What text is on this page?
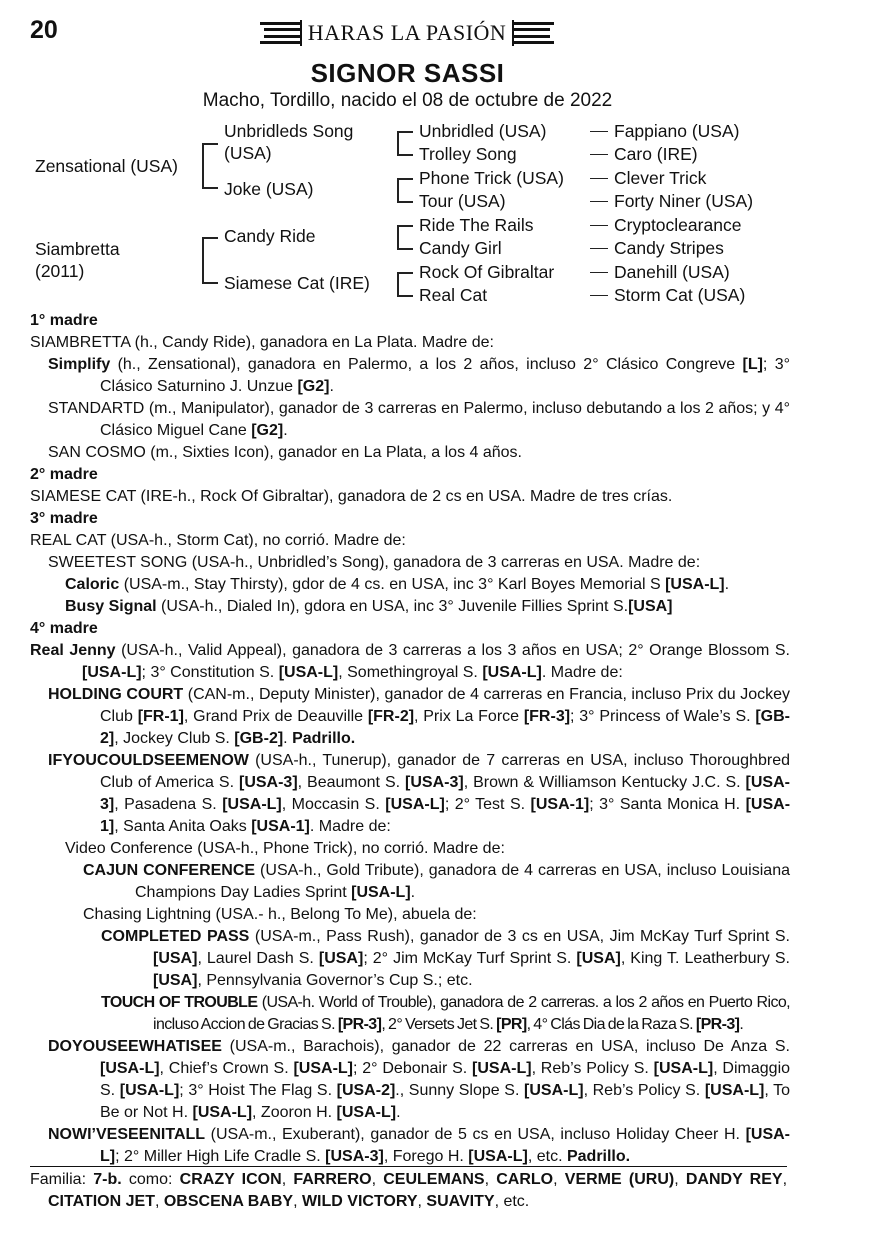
20	HARAS LA PASIÓN
SIGNOR SASSI
Macho, Tordillo, nacido el 08 de octubre de 2022
Zensational (USA)
Siambretta
(2011)
Unbridleds Song
(USA)
Joke (USA)
Candy Ride
Siamese Cat (IRE)
Unbridled (USA)
Trolley Song
Phone Trick (USA)
Tour (USA)
Ride The Rails
Candy Girl
Rock Of Gibraltar
Real Cat
Fappiano (USA)
Caro (IRE)
Clever Trick
Forty Niner (USA)
Cryptoclearance
Candy Stripes
Danehill (USA)
Storm Cat (USA)
1° madre
SIAMBRETTA (h., Candy Ride), ganadora en La Plata. Madre de:
Simplify (h., Zensational), ganadora en Palermo, a los 2 años, incluso 2° Clásico Congreve [L]; 3° Clásico Saturnino J. Unzue [G2].
STANDARTD (m., Manipulator), ganador de 3 carreras en Palermo, incluso debutando a los 2 años; y 4° Clásico Miguel Cane [G2].
SAN COSMO (m., Sixties Icon), ganador en La Plata, a los 4 años.
2° madre
SIAMESE CAT (IRE-h., Rock Of Gibraltar), ganadora de 2 cs en USA. Madre de tres crías.
3° madre
REAL CAT (USA-h., Storm Cat), no corrió. Madre de:
SWEETEST SONG (USA-h., Unbridled’s Song), ganadora de 3 carreras en USA. Madre de:
Caloric (USA-m., Stay Thirsty), gdor de 4 cs. en USA, inc 3° Karl Boyes Memorial S [USA-L].
Busy Signal (USA-h., Dialed In), gdora en USA, inc 3° Juvenile Fillies Sprint S.[USA]
4° madre
Real Jenny (USA-h., Valid Appeal), ganadora de 3 carreras a los 3 años en USA; 2° Orange Blossom S. [USA-L]; 3° Constitution S. [USA-L], Somethingroyal S. [USA-L]. Madre de:
HOLDING COURT (CAN-m., Deputy Minister), ganador de 4 carreras en Francia, incluso Prix du Jockey Club [FR-1], Grand Prix de Deauville [FR-2], Prix La Force [FR-3]; 3° Princess of Wale’s S. [GB-2], Jockey Club S. [GB-2]. Padrillo.
IFYOUCOULDSEEMENOW (USA-h., Tunerup), ganador de 7 carreras en USA, incluso Thoroughbred Club of America S. [USA-3], Beaumont S. [USA-3], Brown & Williamson Kentucky J.C. S. [USA-3], Pasadena S. [USA-L], Moccasin S. [USA-L]; 2° Test S. [USA-1]; 3° Santa Monica H. [USA-1], Santa Anita Oaks [USA-1]. Madre de:
Video Conference (USA-h., Phone Trick), no corrió. Madre de:
CAJUN CONFERENCE (USA-h., Gold Tribute), ganadora de 4 carreras en USA, incluso Louisiana Champions Day Ladies Sprint [USA-L].
Chasing Lightning (USA.- h., Belong To Me), abuela de:
COMPLETED PASS (USA-m., Pass Rush), ganador de 3 cs en USA, Jim McKay Turf Sprint S. [USA], Laurel Dash S. [USA]; 2° Jim McKay Turf Sprint S. [USA], King T. Leatherbury S. [USA], Pennsylvania Governor’s Cup S.; etc.
TOUCH OF TROUBLE (USA-h. World of Trouble), ganadora de 2 carreras. a los 2 años en Puerto Rico, incluso Accion de Gracias S. [PR-3], 2° Versets Jet S. [PR], 4° Clás Dia de la Raza S. [PR-3].
DOYOUSEEWHATISEE (USA-m., Barachois), ganador de 22 carreras en USA, incluso De Anza S. [USA-L], Chief’s Crown S. [USA-L]; 2° Debonair S. [USA-L], Reb’s Policy S. [USA-L], Dimaggio S. [USA-L]; 3° Hoist The Flag S. [USA-2]., Sunny Slope S. [USA-L], Reb’s Policy S. [USA-L], To Be or Not H. [USA-L], Zooron H. [USA-L].
NOWI’VESEENITALL (USA-m., Exuberant), ganador de 5 cs en USA, incluso Holiday Cheer H. [USA-L]; 2° Miller High Life Cradle S. [USA-3], Forego H. [USA-L], etc. Padrillo.
Familia: 7-b. como: CRAZY ICON, FARRERO, CEULEMANS, CARLO, VERME (URU), DANDY REY, CITATION JET, OBSCENA BABY, WILD VICTORY, SUAVITY, etc.
